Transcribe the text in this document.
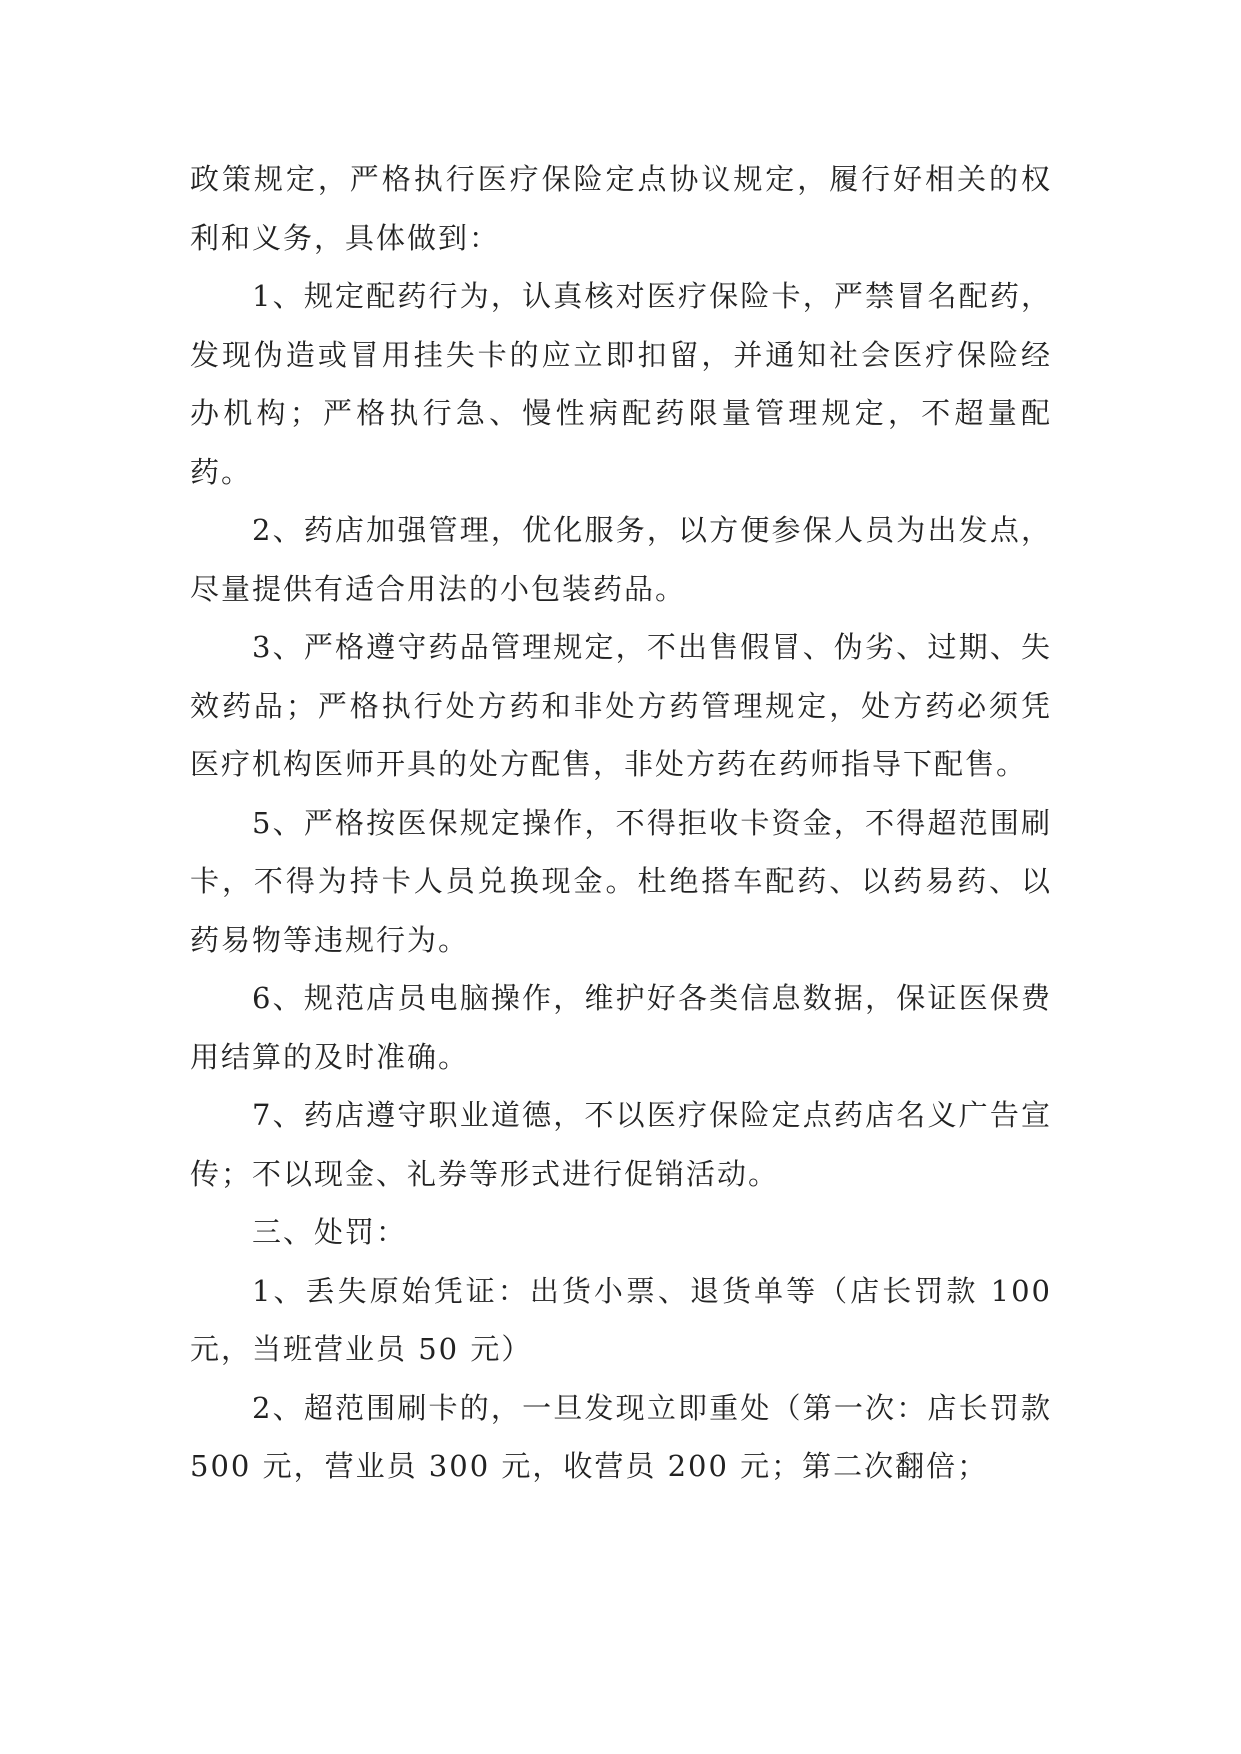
政策规定，严格执行医疗保险定点协议规定，履行好相关的权利和义务，具体做到：

1、规定配药行为，认真核对医疗保险卡，严禁冒名配药，发现伪造或冒用挂失卡的应立即扣留，并通知社会医疗保险经办机构；严格执行急、慢性病配药限量管理规定，不超量配药。

2、药店加强管理，优化服务，以方便参保人员为出发点，尽量提供有适合用法的小包装药品。

3、严格遵守药品管理规定，不出售假冒、伪劣、过期、失效药品；严格执行处方药和非处方药管理规定，处方药必须凭医疗机构医师开具的处方配售，非处方药在药师指导下配售。

5、严格按医保规定操作，不得拒收卡资金，不得超范围刷卡，不得为持卡人员兑换现金。杜绝搭车配药、以药易药、以药易物等违规行为。

6、规范店员电脑操作，维护好各类信息数据，保证医保费用结算的及时准确。

7、药店遵守职业道德，不以医疗保险定点药店名义广告宣传；不以现金、礼券等形式进行促销活动。

三、处罚：

1、丢失原始凭证：出货小票、退货单等（店长罚款 100元，当班营业员 50 元）

2、超范围刷卡的，一旦发现立即重处（第一次：店长罚款 500 元，营业员 300 元，收营员 200 元；第二次翻倍；
